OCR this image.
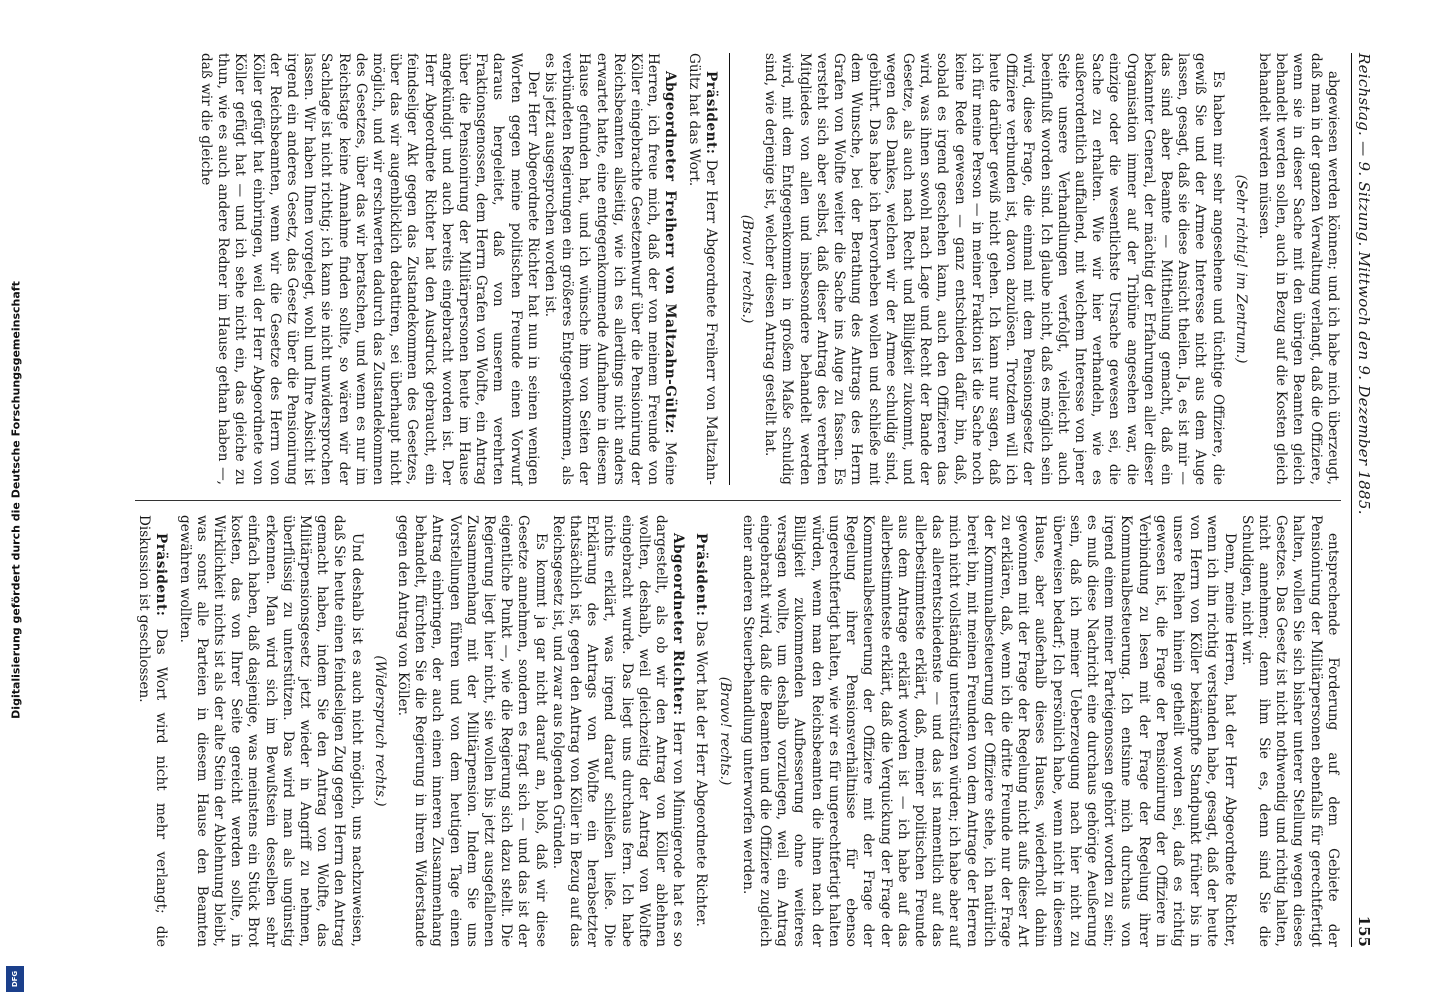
Reichstag. — 9. Sitzung. Mittwoch den 9. Dezember 1885.
155

abgewiesen werden können; und ich habe mich überzeugt, daß man in der ganzen Verwaltung verlangt, daß die Offiziere, wenn sie in dieser Sache mit den übrigen Beamten gleich behandelt werden sollen, auch in Bezug auf die Kosten gleich behandelt werden müssen.

(Sehr richtig! im Zentrum.)

Es haben mir sehr angesehene und tüchtige Offiziere, die gewiß Sie und der Armee Interesse nicht aus dem Auge lassen, gesagt, daß sie diese Ansicht theilen. Ja, es ist mir — das sind aber Beamte — Mittheilung gemacht, daß ein bekannter General, der mächtig der Erfahrungen aller dieser Organisation immer auf der Tribüne angesehen war, die einzige oder die wesentlichste Ursache gewesen sei, die Sache zu erhalten. Wie wir hier verhandeln, wie es außerordentlich auffallend, mit welchem Interesse von jener Seite unsere Verhandlungen verfolgt, vielleicht auch beeinflußt worden sind. Ich glaube nicht, daß es möglich sein wird, diese Frage, die einmal mit dem Pensionsgesetz der Offiziere verbunden ist, davon abzulösen. Trotzdem will ich heute darüber gewiß nicht gehen. Ich kann nur sagen, daß ich für meine Person — in meiner Fraktion ist die Sache noch keine Rede gewesen — ganz entschieden dafür bin, daß, sobald es irgend geschehen kann, auch den Offizieren das wird, was ihnen sowohl nach Lage und Recht der Bande der Gesetze, als auch nach Recht und Billigkeit zukommt, und wegen des Dankes, welchen wir der Armee schuldig sind, gebührt. Das habe ich hervorheben wollen und schließe mit dem Wunsche, bei der Berathung des Antrags des Herrn Grafen von Wolfte weiter die Sache ins Auge zu fassen. Es versteht sich aber selbst, daß dieser Antrag des verehrten Mitgliedes von allen und insbesondere behandelt werden wird, mit dem Entgegenkommen in großem Maße schuldig sind, wie derjenige ist, welcher diesen Antrag gestellt hat.

(Bravo! rechts.)

Präsident: Der Herr Abgeordnete Freiherr von Maltzahn-Gültz hat das Wort.

Abgeordneter Freiherr von Maltzahn-Gültz: Meine Herren, ich freue mich, daß der von meinem Freunde von Köller eingebrachte Gesetzentwurf über die Pensionirung der Reichsbeamten allseitig, wie ich es allerdings nicht anders erwartet hatte, eine entgegenkommende Aufnahme in diesem Hause gefunden hat, und ich wünsche ihm von Seiten der verbündeten Regierungen ein größeres Entgegenkommen, als es bis jetzt ausgesprochen worden ist.

Der Herr Abgeordnete Richter hat nun in seinen wenigen Worten gegen meine politischen Freunde einen Vorwurf daraus hergeleitet, daß von unserem verehrten Fraktionsgenossen, dem Herrn Grafen von Wolfte, ein Antrag über die Pensionirung der Militärpersonen heute im Hause angekündigt und auch bereits eingebracht worden ist. Der Herr Abgeordnete Richter hat den Ausdruck gebraucht, ein feindseliger Akt gegen das Zustandekommen des Gesetzes, über das wir augenblicklich debattiren, sei überhaupt nicht möglich, und wir erschwerten dadurch das Zustandekommen des Gesetzes, über das wir beratschen, und wenn es nur im Reichstage keine Annahme finden sollte, so wären wir der Sachlage ist nicht richtig; ich kann sie nicht unwidersprochen lassen. Wir haben Ihnen vorgelegt, wohl und Ihre Absicht ist irgend ein anderes Gesetz, das Gesetz über die Pensionirung der Reichsbeamten, wenn wir die Gesetze des Herrn von Köller gefügt hat einbringen, weil der Herr Abgeordnete von Köller gefügt hat — und ich sehe nicht ein, das gleiche zu thun, wie es auch andere Redner im Hause gethan haben —, daß wir die gleiche

entsprechende Forderung auf dem Gebiete der Pensionirung der Militärpersonen ebenfalls für gerechtfertigt halten, wollen Sie sich bisher unterer Stellung wegen dieses Gesetzes. Das Gesetz ist nicht nothwendig und richtig halten, nicht annehmen; denn ihm Sie es, denn sind Sie die Schuldigen, nicht wir.

Denn, meine Herren, hat der Herr Abgeordnete Richter, wenn ich ihn richtig verstanden habe, gesagt, daß der heute von Herrn von Köller bekämpfte Standpunkt früher bis in unsere Reihen hinein getheilt worden sei, daß es richtig gewesen ist, die Frage der Pensionirung der Offiziere in Verbindung zu lesen mit der Frage der Regelung ihrer Kommunalbesteuerung. Ich entsinne mich durchaus von irgend einem meiner Parteigenossen gehört worden zu sein; es muß diese Nachricht eine durchaus gehörige Aeußerung sein, daß ich meiner Ueberzeugung nach hier nicht zu überweisen bedarf; Ich persönlich habe, wenn nicht in diesem Hause, aber außerhalb dieses Hauses, wiederholt dahin gewonnen mit der Frage der Regelung nicht aufs dieser Art zu erklären, daß, wenn ich die dritte Freunde nur der Frage der Kommunalbesteuerung der Offiziere stehe, ich natürlich bereit bin, mit meinen Freunden von dem Antrage der Herren mich nicht vollständig unterstützen würden; ich habe aber auf das allerentschiedenste — und das ist namentlich auf das allerbestimmteste erklärt, daß, meiner politischen Freunde aus dem Antrage erklärt worden ist — ich habe auf das allerbestimmteste erklärt, daß die Verquickung der Frage der Kommunalbesteuerung der Offiziere mit der Frage der Regelung ihrer Pensionsverhältnisse für ebenso ungerechtfertigt halten, wie wir es für ungerechtfertigt halten würden, wenn man den Reichsbeamten die ihnen nach der Billigkeit zukommenden Aufbesserung ohne weiteres versagen wollte, um deshalb vorzulegen, weil ein Antrag eingebracht wird, daß die Beamten und die Offiziere zugleich einer anderen Steuerbehandlung unterworfen werden.

(Bravo! rechts.)

Präsident: Das Wort hat der Herr Abgeordnete Richter.

Abgeordneter Richter: Herr von Minnigerode hat es so dargestellt, als ob wir den Antrag von Köller ablehnen wollten, deshalb, weil gleichzeitig der Antrag von Wolfte eingebracht wurde. Das liegt uns durchaus fern. Ich habe nichts erklärt, was irgend darauf schließen ließe. Die Erklärung des Antrags von Wolfte ein herabsetzter thatsächlich ist, gegen den Antrag von Köller in Bezug auf das Reichsgesetz ist, und zwar aus folgenden Gründen.

Es kommt ja gar nicht darauf an, bloß, daß wir diese Gesetze annehmen, sondern es fragt sich — und das ist der eigentliche Punkt —, wie die Regierung sich dazu stellt. Die Regierung liegt hier nicht, sie wollen bis jetzt ausgefallenen Zusammenhang mit der Militärpension. Indem Sie uns Vorstellungen führen und von dem heutigen Tage einen Antrag einbringen, der auch einen inneren Zusammenhang behandelt, fürchten Sie die Regierung in ihrem Widerstande gegen den Antrag von Köller.

(Widerspruch rechts.)

Und deshalb ist es auch nicht möglich, uns nachzuweisen, daß Sie heute einen feindseligen Zug gegen Herrn den Antrag gemacht haben, indem Sie den Antrag von Wolfte, das Militärpensionsgesetz jetzt wieder in Angriff zu nehmen, überflüssig zu unterstützen. Das wird man als ungünstig erkennen. Man wird sich im Bewußtsein desselben sehr einfach haben, daß dasjenige, was meinstens ein Stück Brot kosten, das von Ihrer Seite gereicht werden sollte, in Wirklichkeit nichts ist als der alte Stein der Ablehnung bleibt, was sonst alle Parteien in diesem Hause den Beamten gewähren wollten.

Präsident: Das Wort wird nicht mehr verlangt; die Diskussion ist geschlossen.

Digitalisierung gefördert durch die Deutsche Forschungsgemeinschaft
DFG
